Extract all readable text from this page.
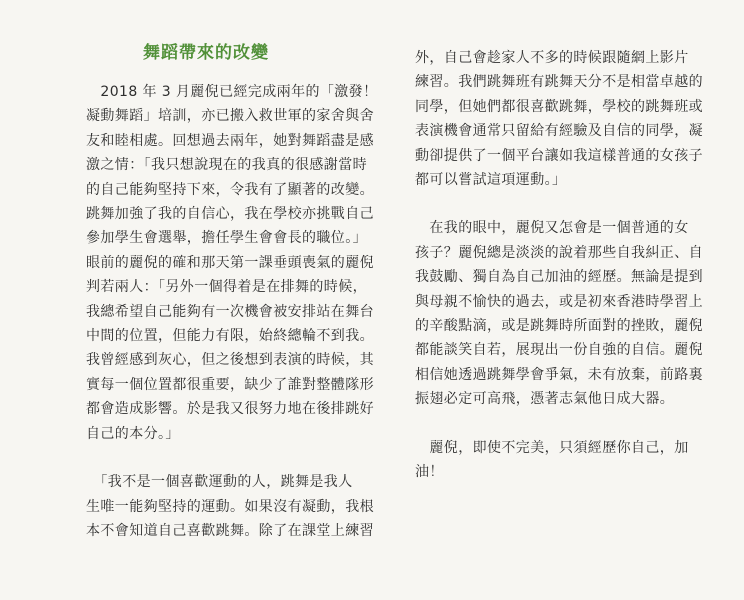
舞蹈帶來的改變

　2018 年 3 月麗倪已經完成兩年的「激發！
凝動舞蹈」培訓，亦已搬入救世軍的家舍與舍
友和睦相處。回想過去兩年，她對舞蹈盡是感
激之情：「我只想說現在的我真的很感謝當時
的自己能夠堅持下來，令我有了顯著的改變。
跳舞加強了我的自信心，我在學校亦挑戰自己
參加學生會選舉，擔任學生會會長的職位。」
眼前的麗倪的確和那天第一課垂頭喪氣的麗倪
判若兩人：「另外一個得着是在排舞的時候，
我總希望自己能夠有一次機會被安排站在舞台
中間的位置，但能力有限，始終總輪不到我。
我曾經感到灰心，但之後想到表演的時候，其
實每一個位置都很重要，缺少了誰對整體隊形
都會造成影響。於是我又很努力地在後排跳好
自己的本分。」

　「我不是一個喜歡運動的人，跳舞是我人
生唯一能夠堅持的運動。如果沒有凝動，我根
本不會知道自己喜歡跳舞。除了在課堂上練習

外，自己會趁家人不多的時候跟隨網上影片
練習。我們跳舞班有跳舞天分不是相當卓越的
同學，但她們都很喜歡跳舞，學校的跳舞班或
表演機會通常只留給有經驗及自信的同學，凝
動卻提供了一個平台讓如我這樣普通的女孩子
都可以嘗試這項運動。」

　在我的眼中，麗倪又怎會是一個普通的女
孩子？麗倪總是淡淡的說着那些自我糾正、自
我鼓勵、獨自為自己加油的經歷。無論是提到
與母親不愉快的過去，或是初來香港時學習上
的辛酸點滴，或是跳舞時所面對的挫敗，麗倪
都能談笑自若，展現出一份自強的自信。麗倪
相信她透過跳舞學會爭氣，未有放棄，前路裏
振翅必定可高飛，憑著志氣他日成大器。

　麗倪，即使不完美，只須經歷你自己，加
油！
